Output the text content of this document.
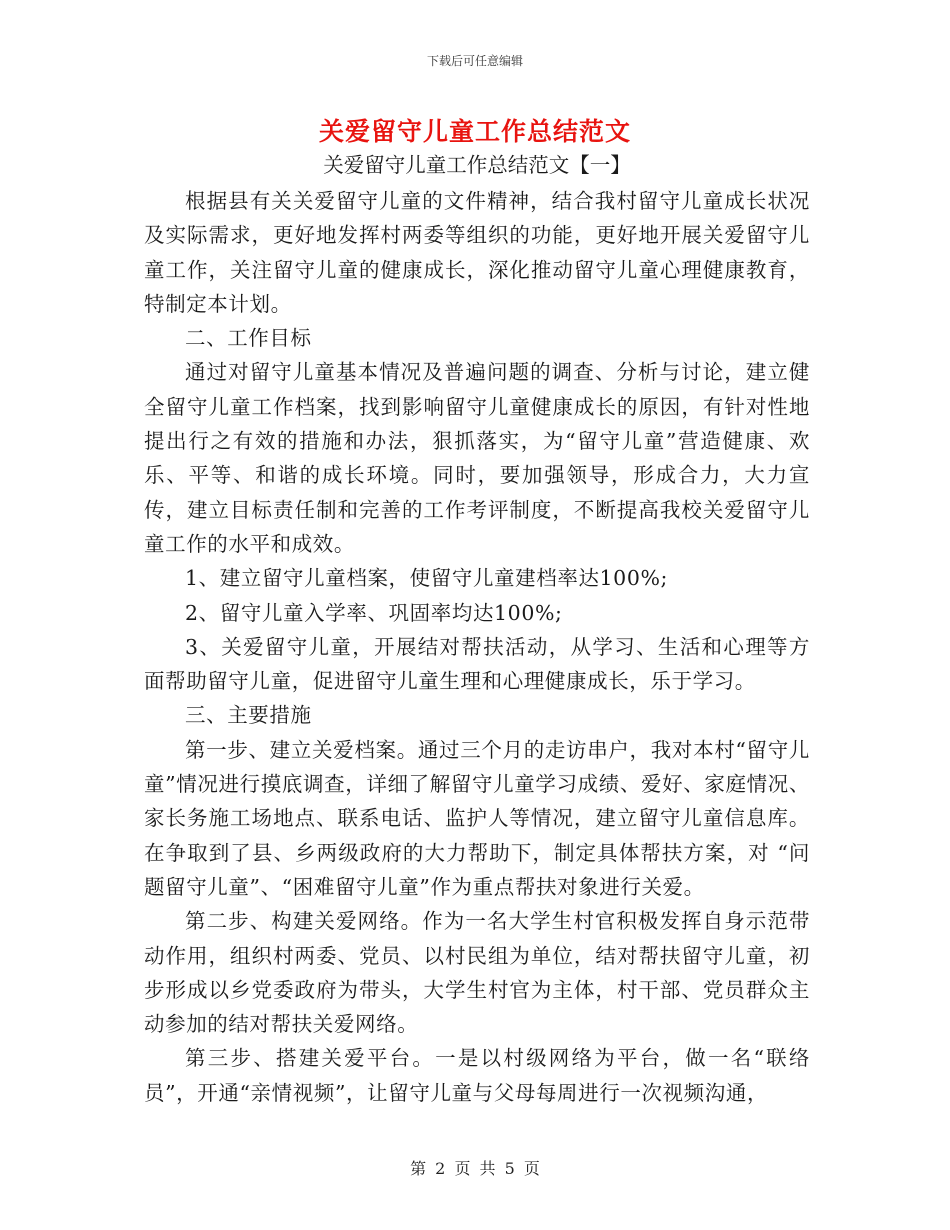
下载后可任意编辑
关爱留守儿童工作总结范文

关爱留守儿童工作总结范文【一】

根据县有关关爱留守儿童的文件精神，结合我村留守儿童成长状况及实际需求，更好地发挥村两委等组织的功能，更好地开展关爱留守儿童工作，关注留守儿童的健康成长，深化推动留守儿童心理健康教育，特制定本计划。

二、工作目标

通过对留守儿童基本情况及普遍问题的调查、分析与讨论，建立健全留守儿童工作档案，找到影响留守儿童健康成长的原因，有针对性地提出行之有效的措施和办法，狠抓落实，为“留守儿童”营造健康、欢乐、平等、和谐的成长环境。同时，要加强领导，形成合力，大力宣传，建立目标责任制和完善的工作考评制度，不断提高我校关爱留守儿童工作的水平和成效。

1、建立留守儿童档案，使留守儿童建档率达100%;

2、留守儿童入学率、巩固率均达100%;

3、关爱留守儿童，开展结对帮扶活动，从学习、生活和心理等方面帮助留守儿童，促进留守儿童生理和心理健康成长，乐于学习。

三、主要措施

第一步、建立关爱档案。通过三个月的走访串户，我对本村“留守儿童”情况进行摸底调查，详细了解留守儿童学习成绩、爱好、家庭情况、家长务施工场地点、联系电话、监护人等情况，建立留守儿童信息库。在争取到了县、乡两级政府的大力帮助下，制定具体帮扶方案，对 “问题留守儿童”、“困难留守儿童”作为重点帮扶对象进行关爱。

第二步、构建关爱网络。作为一名大学生村官积极发挥自身示范带动作用，组织村两委、党员、以村民组为单位，结对帮扶留守儿童，初步形成以乡党委政府为带头，大学生村官为主体，村干部、党员群众主动参加的结对帮扶关爱网络。

第三步、搭建关爱平台。一是以村级网络为平台，做一名“联络员”，开通“亲情视频”，让留守儿童与父母每周进行一次视频沟通，

第 2 页 共 5 页
